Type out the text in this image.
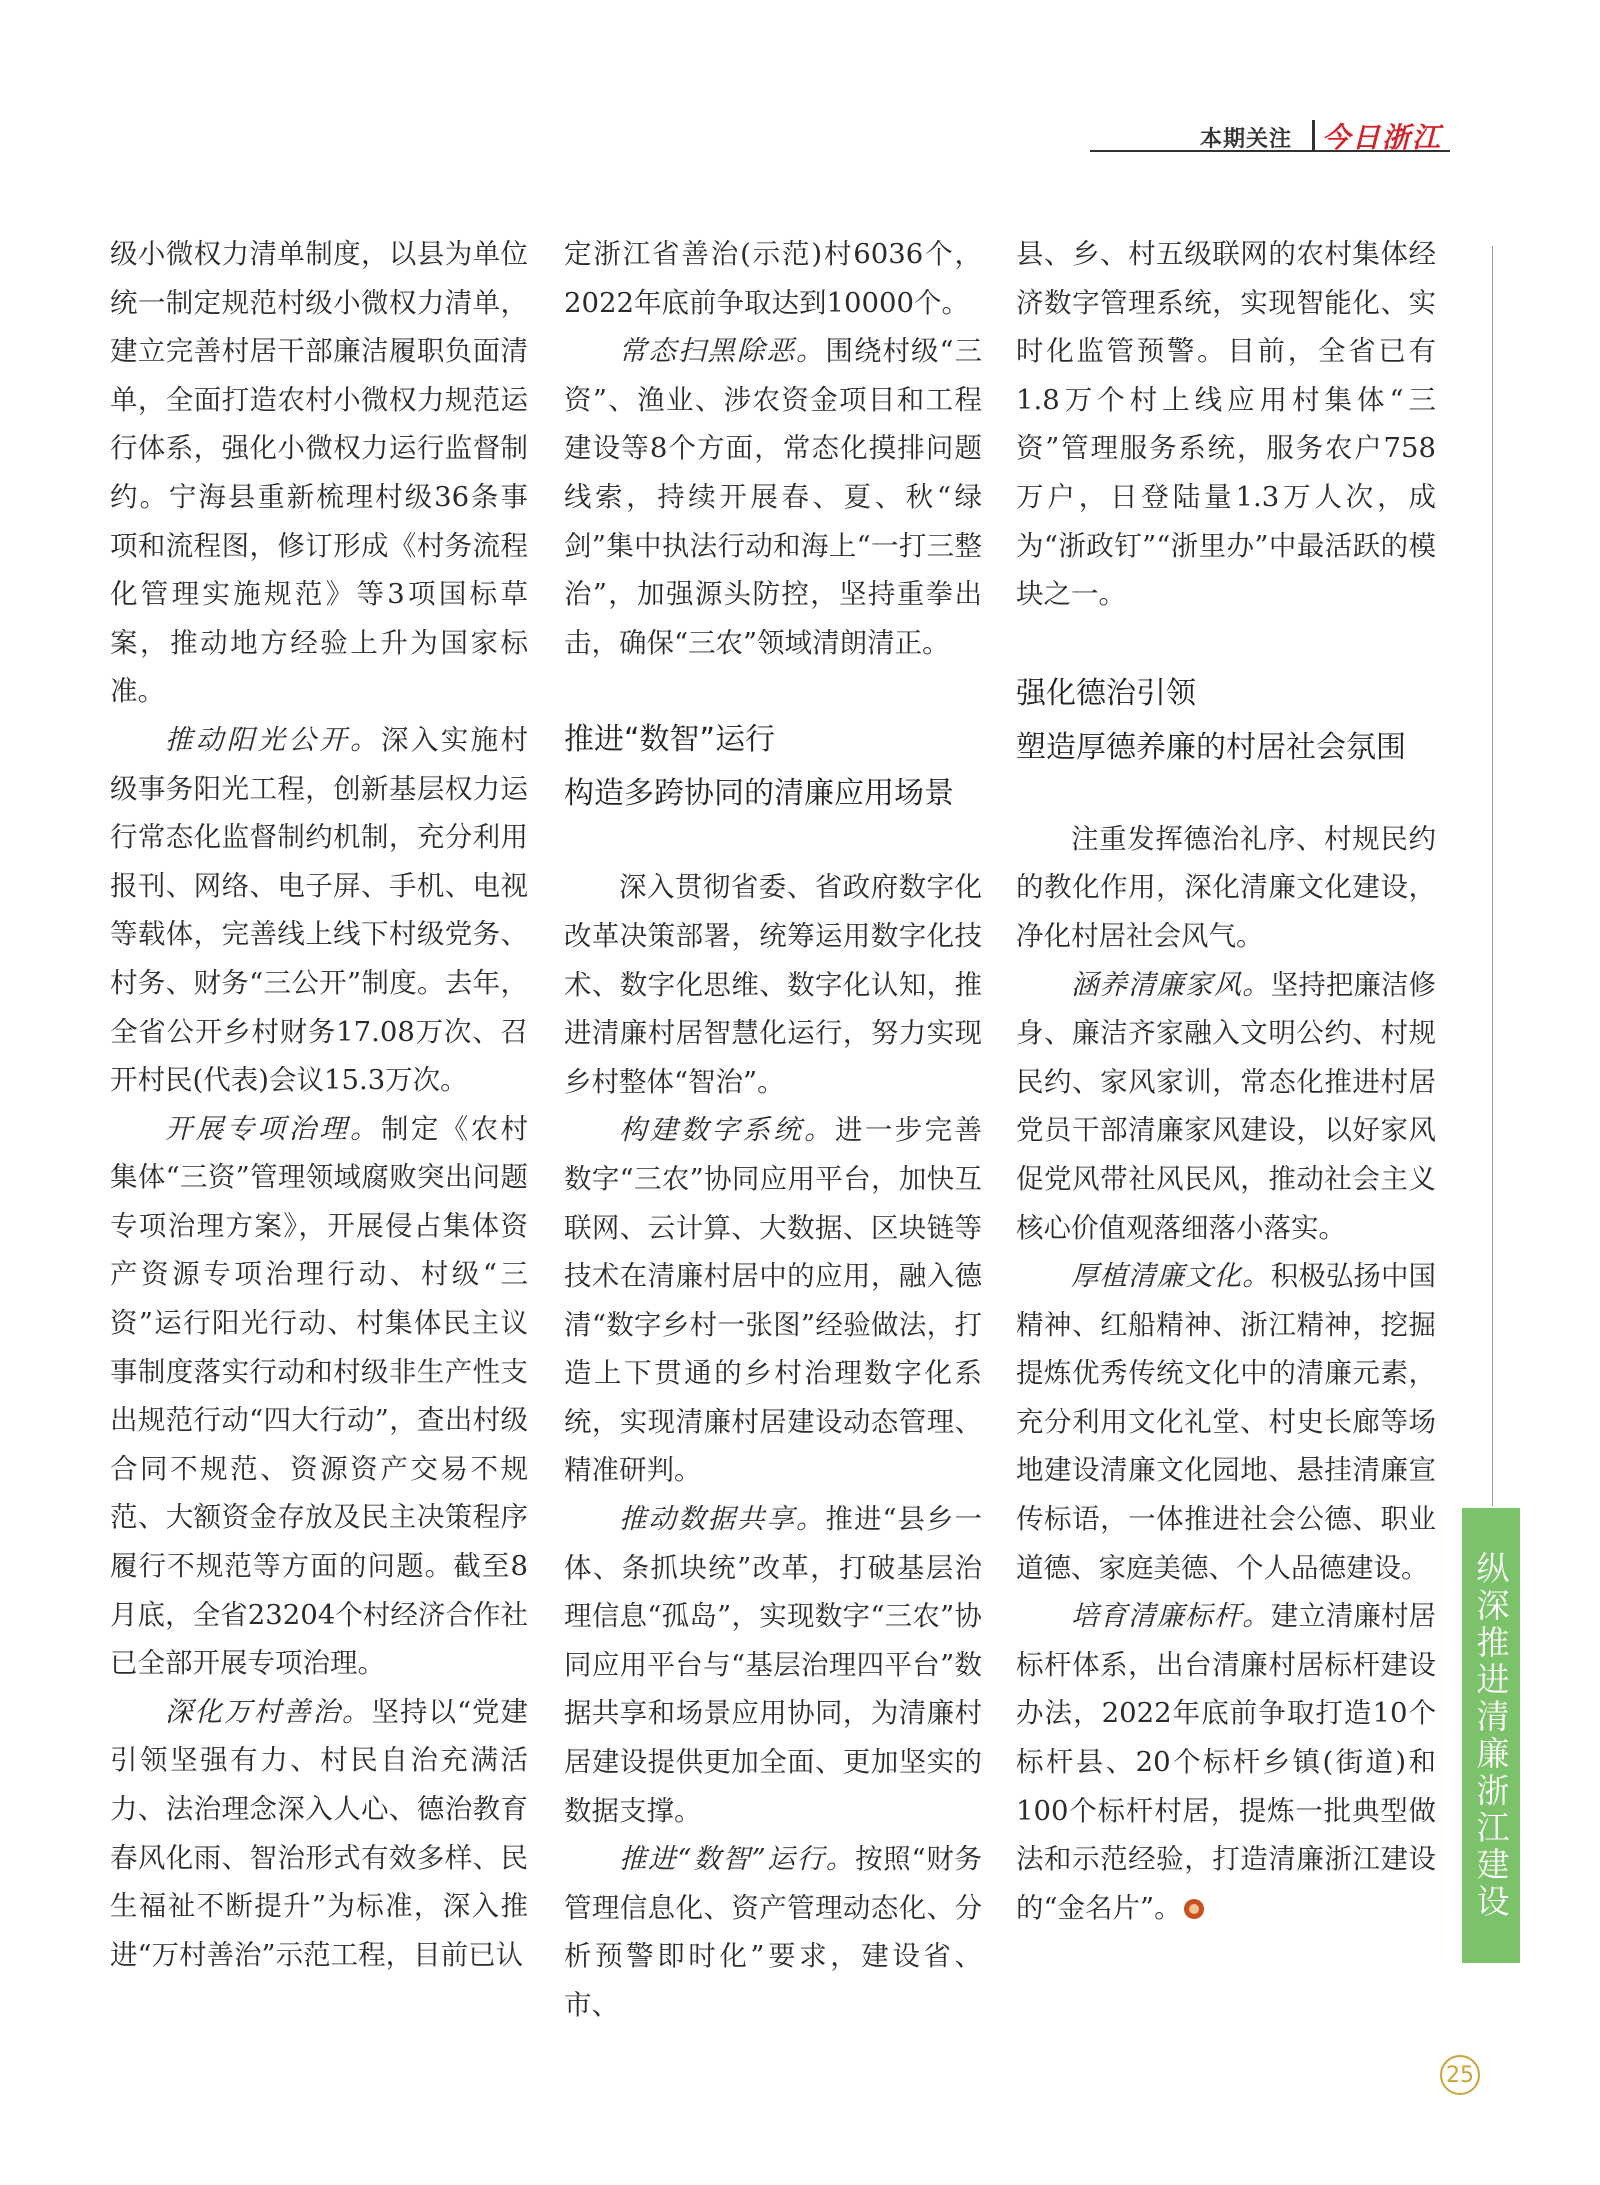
本期关注 今日浙江

级小微权力清单制度，以县为单位统一制定规范村级小微权力清单，建立完善村居干部廉洁履职负面清单，全面打造农村小微权力规范运行体系，强化小微权力运行监督制约。宁海县重新梳理村级36条事项和流程图，修订形成《村务流程化管理实施规范》等3项国标草案，推动地方经验上升为国家标准。

推动阳光公开。深入实施村级事务阳光工程，创新基层权力运行常态化监督制约机制，充分利用报刊、网络、电子屏、手机、电视等载体，完善线上线下村级党务、村务、财务“三公开”制度。去年，全省公开乡村财务17.08万次、召开村民(代表)会议15.3万次。

开展专项治理。制定《农村集体“三资”管理领域腐败突出问题专项治理方案》，开展侵占集体资产资源专项治理行动、村级“三资”运行阳光行动、村集体民主议事制度落实行动和村级非生产性支出规范行动“四大行动”，查出村级合同不规范、资源资产交易不规范、大额资金存放及民主决策程序履行不规范等方面的问题。截至8月底，全省23204个村经济合作社已全部开展专项治理。

深化万村善治。坚持以“党建引领坚强有力、村民自治充满活力、法治理念深入人心、德治教育春风化雨、智治形式有效多样、民生福祉不断提升”为标准，深入推进“万村善治”示范工程，目前已认

定浙江省善治(示范)村6036个，2022年底前争取达到10000个。

常态扫黑除恶。围绕村级“三资”、渔业、涉农资金项目和工程建设等8个方面，常态化摸排问题线索，持续开展春、夏、秋“绿剑”集中执法行动和海上“一打三整治”，加强源头防控，坚持重拳出击，确保“三农”领域清朗清正。

推进“数智”运行
构造多跨协同的清廉应用场景

深入贯彻省委、省政府数字化改革决策部署，统筹运用数字化技术、数字化思维、数字化认知，推进清廉村居智慧化运行，努力实现乡村整体“智治”。

构建数字系统。进一步完善数字“三农”协同应用平台，加快互联网、云计算、大数据、区块链等技术在清廉村居中的应用，融入德清“数字乡村一张图”经验做法，打造上下贯通的乡村治理数字化系统，实现清廉村居建设动态管理、精准研判。

推动数据共享。推进“县乡一体、条抓块统”改革，打破基层治理信息“孤岛”，实现数字“三农”协同应用平台与“基层治理四平台”数据共享和场景应用协同，为清廉村居建设提供更加全面、更加坚实的数据支撑。

推进“数智”运行。按照“财务管理信息化、资产管理动态化、分析预警即时化”要求，建设省、市、

县、乡、村五级联网的农村集体经济数字管理系统，实现智能化、实时化监管预警。目前，全省已有1.8万个村上线应用村集体“三资”管理服务系统，服务农户758万户，日登陆量1.3万人次，成为“浙政钉”“浙里办”中最活跃的模块之一。

强化德治引领
塑造厚德养廉的村居社会氛围

注重发挥德治礼序、村规民约的教化作用，深化清廉文化建设，净化村居社会风气。

涵养清廉家风。坚持把廉洁修身、廉洁齐家融入文明公约、村规民约、家风家训，常态化推进村居党员干部清廉家风建设，以好家风促党风带社风民风，推动社会主义核心价值观落细落小落实。

厚植清廉文化。积极弘扬中国精神、红船精神、浙江精神，挖掘提炼优秀传统文化中的清廉元素，充分利用文化礼堂、村史长廊等场地建设清廉文化园地、悬挂清廉宣传标语，一体推进社会公德、职业道德、家庭美德、个人品德建设。

培育清廉标杆。建立清廉村居标杆体系，出台清廉村居标杆建设办法，2022年底前争取打造10个标杆县、20个标杆乡镇(街道)和100个标杆村居，提炼一批典型做法和示范经验，打造清廉浙江建设的“金名片”。	纵深推进清廉浙江建设
25
